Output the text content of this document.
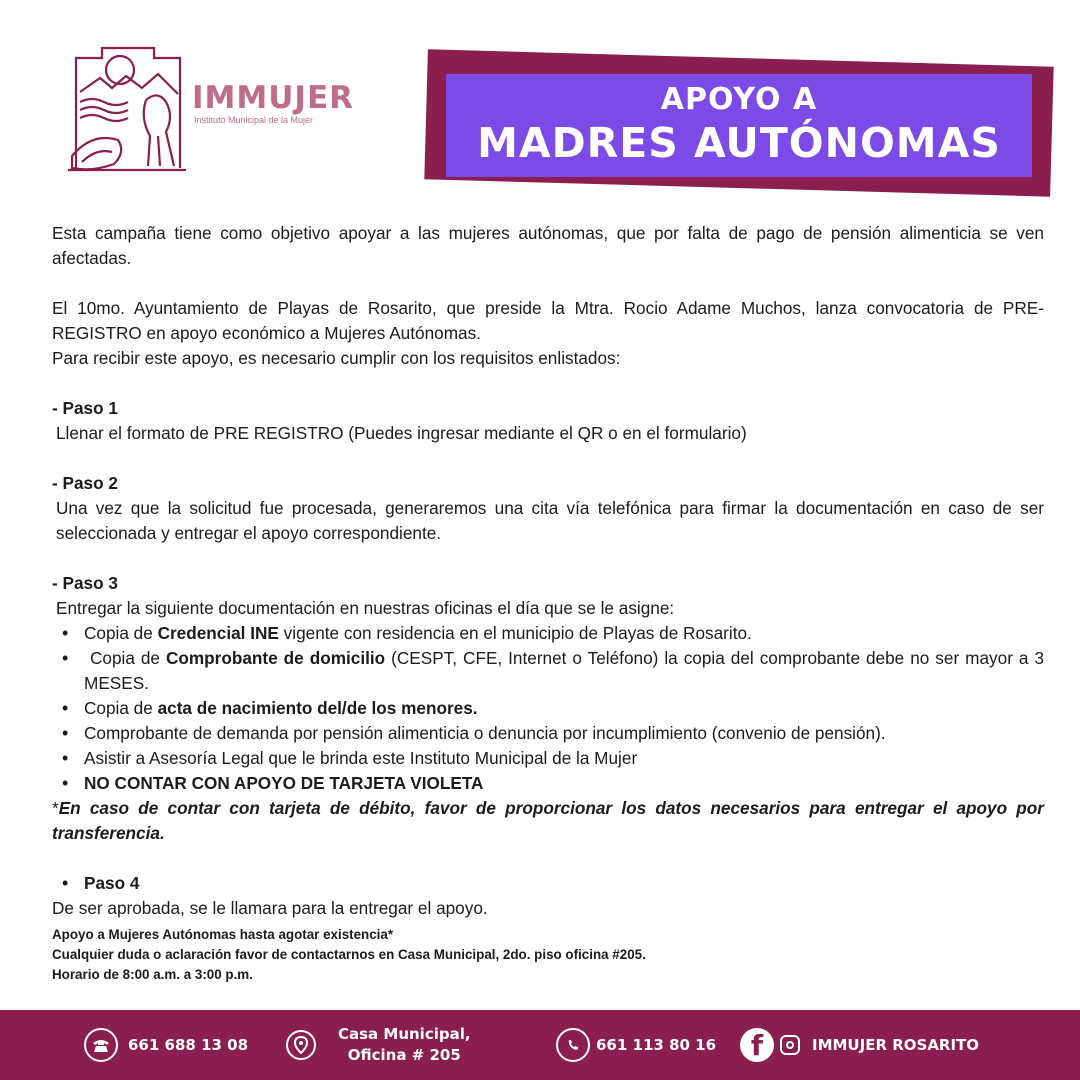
IMMUJER
Instituto Municipal de la Mujer
APOYO A
MADRES AUTÓNOMAS

Esta campaña tiene como objetivo apoyar a las mujeres autónomas, que por falta de pago de pensión alimenticia se ven afectadas.

El 10mo. Ayuntamiento de Playas de Rosarito, que preside la Mtra. Rocio Adame Muchos, lanza convocatoria de PRE-REGISTRO en apoyo económico a Mujeres Autónomas.

Para recibir este apoyo, es necesario cumplir con los requisitos enlistados:

- Paso 1

Llenar el formato de PRE REGISTRO (Puedes ingresar mediante el QR o en el formulario)

- Paso 2

Una vez que la solicitud fue procesada, generaremos una cita vía telefónica para firmar la documentación en caso de ser seleccionada y entregar el apoyo correspondiente.

- Paso 3

Entregar la siguiente documentación en nuestras oficinas el día que se le asigne:

• Copia de Credencial INE vigente con residencia en el municipio de Playas de Rosarito.
• Copia de Comprobante de domicilio (CESPT, CFE, Internet o Teléfono) la copia del comprobante debe no ser mayor a 3 MESES.
• Copia de acta de nacimiento del/de los menores.
• Comprobante de demanda por pensión alimenticia o denuncia por incumplimiento (convenio de pensión).
• Asistir a Asesoría Legal que le brinda este Instituto Municipal de la Mujer
• NO CONTAR CON APOYO DE TARJETA VIOLETA

*En caso de contar con tarjeta de débito, favor de proporcionar los datos necesarios para entregar el apoyo por transferencia.

• Paso 4

De ser aprobada, se le llamara para la entregar el apoyo.

Apoyo a Mujeres Autónomas hasta agotar existencia*
Cualquier duda o aclaración favor de contactarnos en Casa Municipal, 2do. piso oficina #205.
Horario de 8:00 a.m. a 3:00 p.m.
661 688 13 08
Casa Municipal,
Oficina # 205
661 113 80 16	f	IMMUJER ROSARITO
